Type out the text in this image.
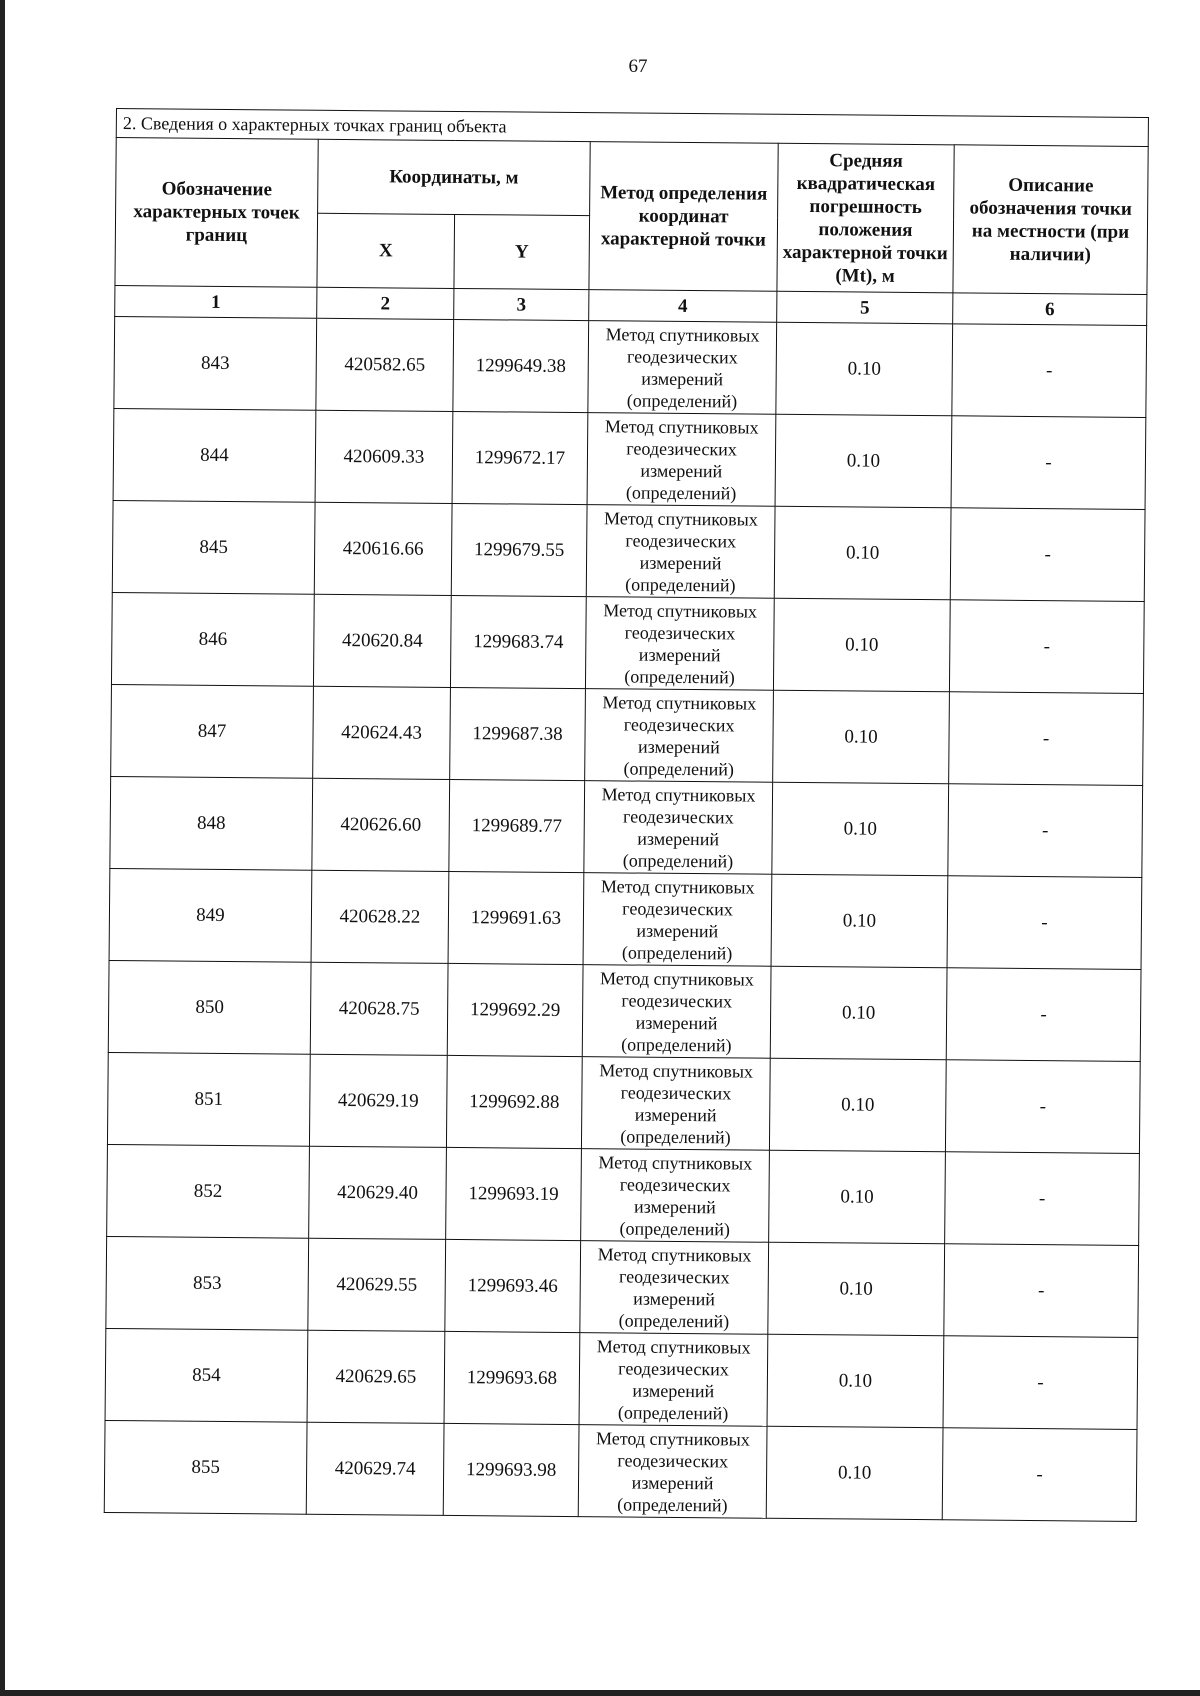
67
2. Сведения о характерных точках границ объекта					
Обозначение характерных точек границ	Координаты, м		Метод определения координат характерной точки	Средняя квадратическая погрешность положения характерной точки (Mt), м	Описание обозначения точки на местности (при наличии)
	X	Y			
1	2	3	4	5	6
843	420582.65	1299649.38	Метод спутниковых геодезических измерений (определений)	0.10	-
844	420609.33	1299672.17	Метод спутниковых геодезических измерений (определений)	0.10	-
845	420616.66	1299679.55	Метод спутниковых геодезических измерений (определений)	0.10	-
846	420620.84	1299683.74	Метод спутниковых геодезических измерений (определений)	0.10	-
847	420624.43	1299687.38	Метод спутниковых геодезических измерений (определений)	0.10	-
848	420626.60	1299689.77	Метод спутниковых геодезических измерений (определений)	0.10	-
849	420628.22	1299691.63	Метод спутниковых геодезических измерений (определений)	0.10	-
850	420628.75	1299692.29	Метод спутниковых геодезических измерений (определений)	0.10	-
851	420629.19	1299692.88	Метод спутниковых геодезических измерений (определений)	0.10	-
852	420629.40	1299693.19	Метод спутниковых геодезических измерений (определений)	0.10	-
853	420629.55	1299693.46	Метод спутниковых геодезических измерений (определений)	0.10	-
854	420629.65	1299693.68	Метод спутниковых геодезических измерений (определений)	0.10	-
855	420629.74	1299693.98	Метод спутниковых геодезических измерений (определений)	0.10	-
